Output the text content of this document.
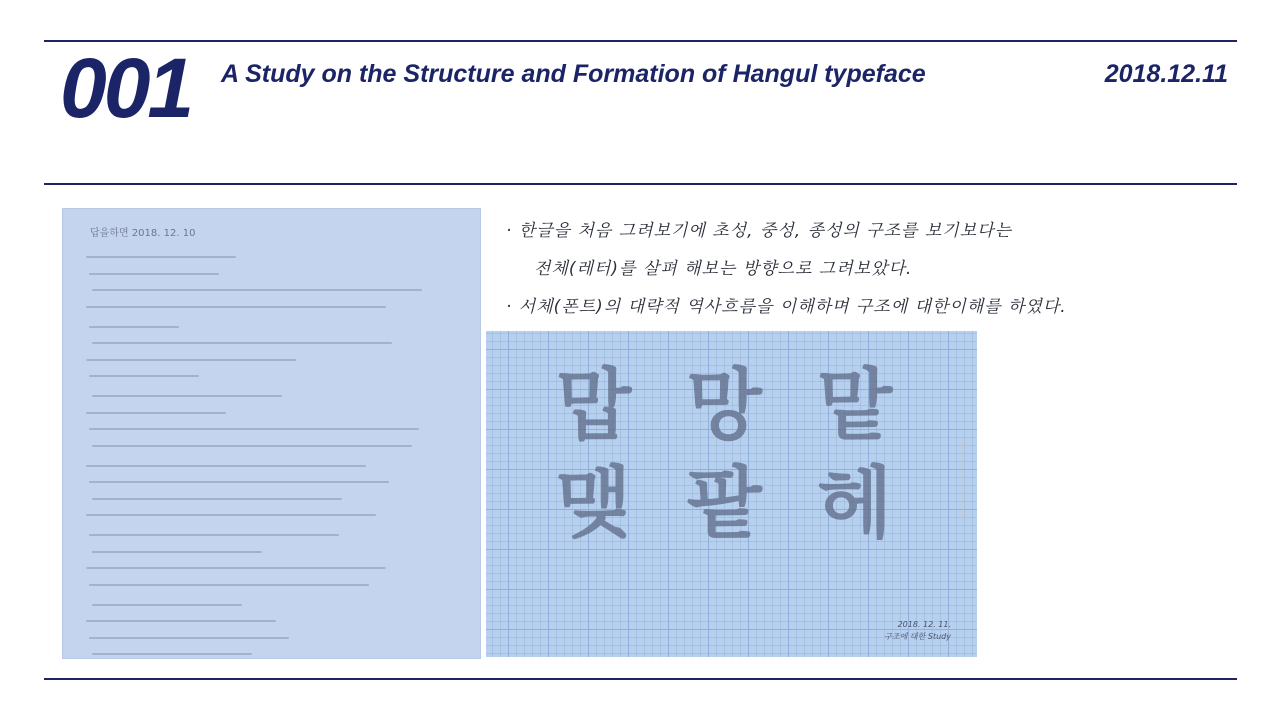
001 A Study on the Structure and Formation of Hangul typeface	2018.12.11
답을하면 2018. 12. 10	· 한글을 처음 그려보기에 초성, 중성, 종성의 구조를 보기보다는

전체(레터)를 살펴 해보는 방향으로 그려보았다.

· 서체(폰트)의 대략적 역사흐름을 이해하며 구조에 대한이해를 하였다.

맙 망 맡
맺 팥 헤
2018. 12. 11.
구조에 대한 Study
